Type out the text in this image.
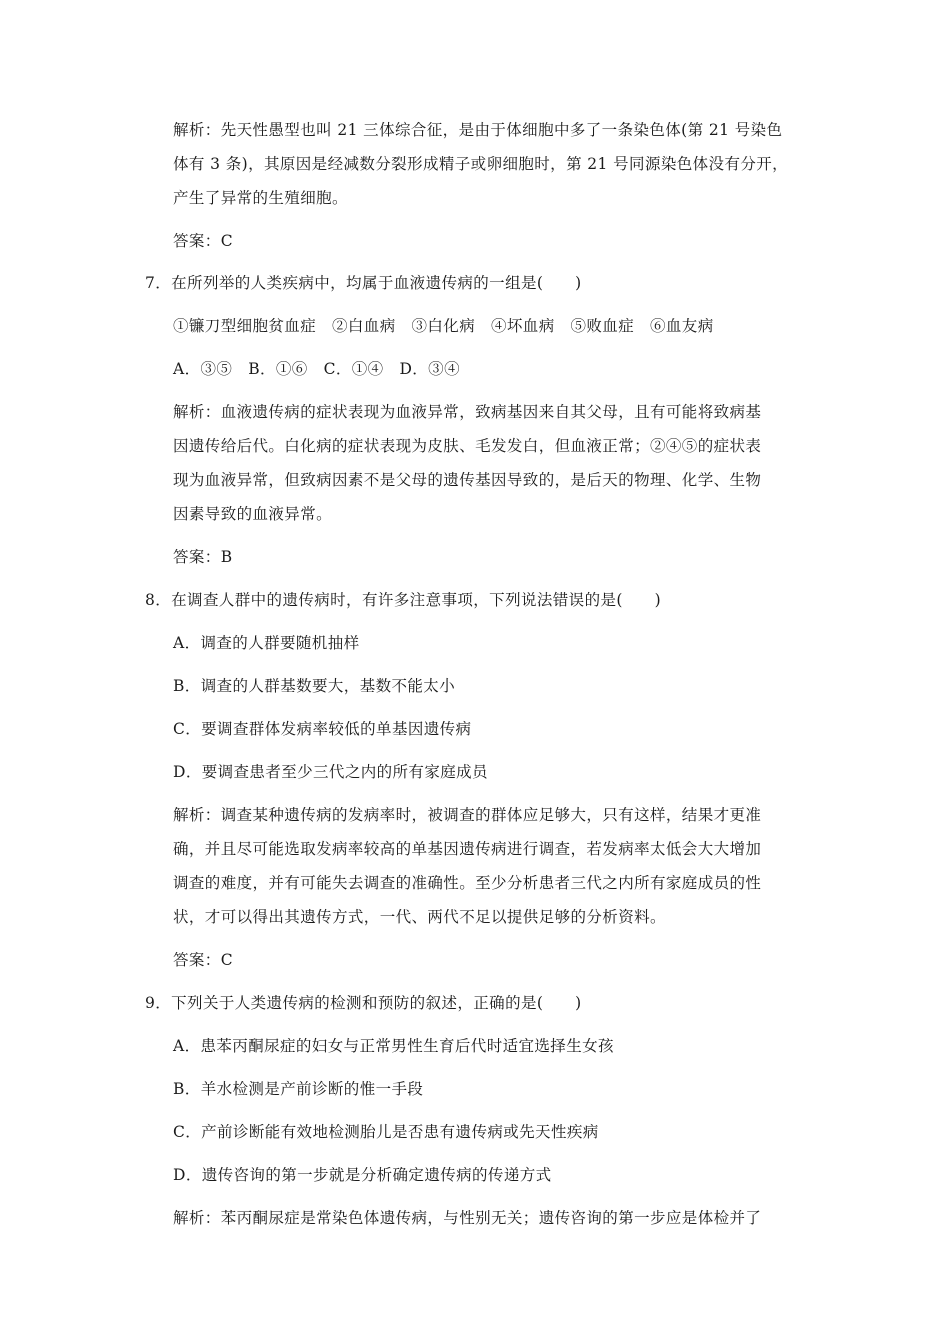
解析：先天性愚型也叫 21 三体综合征，是由于体细胞中多了一条染色体(第 21 号染色
体有 3 条)，其原因是经减数分裂形成精子或卵细胞时，第 21 号同源染色体没有分开，
产生了异常的生殖细胞。
答案：C
7．在所列举的人类疾病中，均属于血液遗传病的一组是(　　)
①镰刀型细胞贫血症　②白血病　③白化病　④坏血病　⑤败血症　⑥血友病
A．③⑤　B．①⑥　C．①④　D．③④
解析：血液遗传病的症状表现为血液异常，致病基因来自其父母，且有可能将致病基
因遗传给后代。白化病的症状表现为皮肤、毛发发白，但血液正常；②④⑤的症状表
现为血液异常，但致病因素不是父母的遗传基因导致的，是后天的物理、化学、生物
因素导致的血液异常。
答案：B
8．在调查人群中的遗传病时，有许多注意事项，下列说法错误的是(　　)
A．调查的人群要随机抽样
B．调查的人群基数要大，基数不能太小
C．要调查群体发病率较低的单基因遗传病
D．要调查患者至少三代之内的所有家庭成员
解析：调查某种遗传病的发病率时，被调查的群体应足够大，只有这样，结果才更准
确，并且尽可能选取发病率较高的单基因遗传病进行调查，若发病率太低会大大增加
调查的难度，并有可能失去调查的准确性。至少分析患者三代之内所有家庭成员的性
状，才可以得出其遗传方式，一代、两代不足以提供足够的分析资料。
答案：C
9．下列关于人类遗传病的检测和预防的叙述，正确的是(　　)
A．患苯丙酮尿症的妇女与正常男性生育后代时适宜选择生女孩
B．羊水检测是产前诊断的惟一手段
C．产前诊断能有效地检测胎儿是否患有遗传病或先天性疾病
D．遗传咨询的第一步就是分析确定遗传病的传递方式
解析：苯丙酮尿症是常染色体遗传病，与性别无关；遗传咨询的第一步应是体检并了
